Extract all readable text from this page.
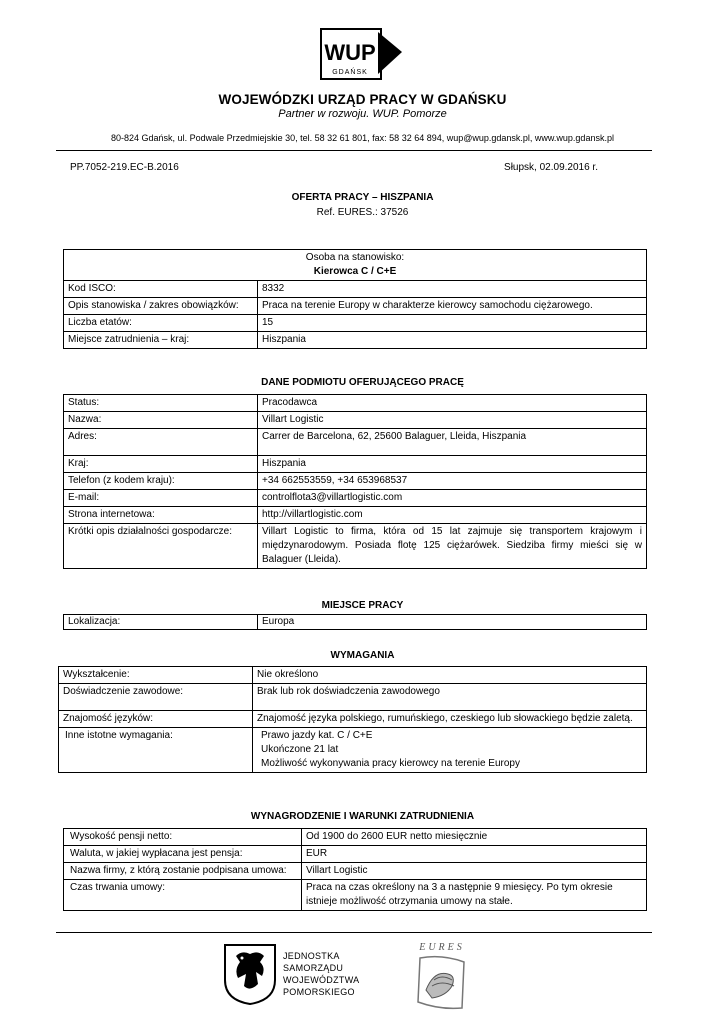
WUP
GDAŃSK
WOJEWÓDZKI URZĄD PRACY W GDAŃSKU
Partner w rozwoju. WUP. Pomorze
80-824 Gdańsk, ul. Podwale Przedmiejskie 30, tel. 58 32 61 801, fax: 58 32 64 894, wup@wup.gdansk.pl, www.wup.gdansk.pl
PP.7052-219.EC-B.2016	Słupsk, 02.09.2016 r.
OFERTA PRACY – HISZPANIA
Ref. EURES.: 37526
Osoba na stanowisko:
Kierowca C / C+E	

Kod ISCO:	8332
Opis stanowiska / zakres obowiązków:	Praca na terenie Europy w charakterze kierowcy samochodu ciężarowego.
Liczba etatów:	15
Miejsce zatrudnienia – kraj:	Hiszpania
DANE PODMIOTU OFERUJĄCEGO PRACĘ
Status:	Pracodawca
Nazwa:	Villart Logistic
Adres:	Carrer de Barcelona, 62, 25600 Balaguer, Lleida, Hiszpania
Kraj:	Hiszpania
Telefon (z kodem kraju):	+34 662553559, +34 653968537
E-mail:	controlflota3@villartlogistic.com
Strona internetowa:	http://villartlogistic.com
Krótki opis działalności gospodarcze:	Villart Logistic to firma, która od 15 lat zajmuje się transportem krajowym i międzynarodowym. Posiada flotę 125 ciężarówek. Siedziba firmy mieści się w Balaguer (Lleida).
MIEJSCE PRACY
Lokalizacja:	Europa
WYMAGANIA
Wykształcenie:	Nie określono
Doświadczenie zawodowe:	Brak lub rok doświadczenia zawodowego
Znajomość języków:	Znajomość języka polskiego, rumuńskiego, czeskiego lub słowackiego będzie zaletą.
Inne istotne wymagania:	Prawo jazdy kat. C / C+E
Ukończone 21 lat
Możliwość wykonywania pracy kierowcy na terenie Europy
WYNAGRODZENIE I WARUNKI ZATRUDNIENIA
Wysokość pensji netto:	Od 1900 do 2600 EUR netto miesięcznie
Waluta, w jakiej wypłacana jest pensja:	EUR
Nazwa firmy, z którą zostanie podpisana umowa:	Villart Logistic
Czas trwania umowy:	Praca na czas określony na 3 a następnie 9 miesięcy. Po tym okresie istnieje możliwość otrzymania umowy na stałe.
JEDNOSTKA
SAMORZĄDU
WOJEWÓDZTWA
POMORSKIEGO
EURES
